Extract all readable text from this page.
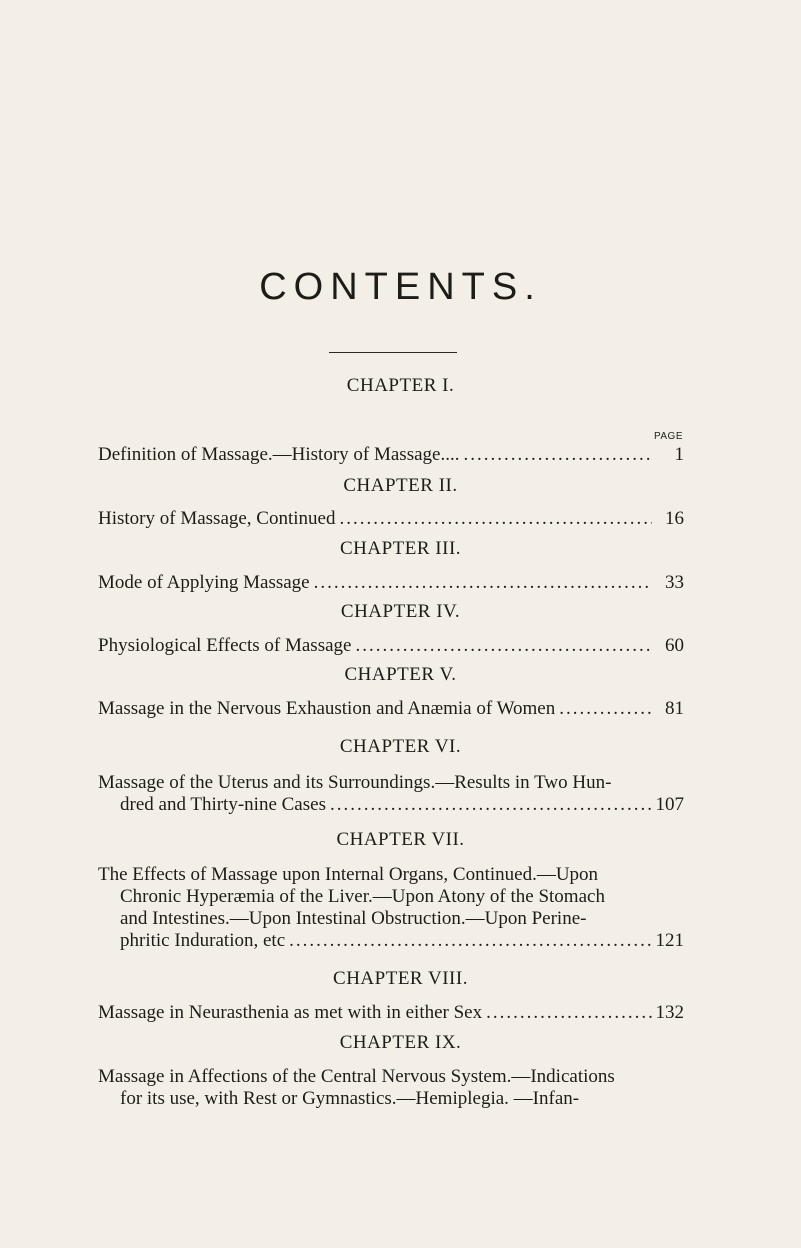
CONTENTS.
CHAPTER I.
PAGE
Definition of Massage.—History of Massage.... .....	1
CHAPTER II.
History of Massage, Continued .....	16
CHAPTER III.
Mode of Applying Massage .....	33
CHAPTER IV.
Physiological Effects of Massage .....	60
CHAPTER V.
Massage in the Nervous Exhaustion and Anæmia of Women .....	81
CHAPTER VI.
Massage of the Uterus and its Surroundings.—Results in Two Hun-
dred and Thirty-nine Cases .....	107
CHAPTER VII.
The Effects of Massage upon Internal Organs, Continued.—Upon
Chronic Hyperæmia of the Liver.—Upon Atony of the Stomach
and Intestines.—Upon Intestinal Obstruction.—Upon Perine-
phritic Induration, etc .....	121
CHAPTER VIII.
Massage in Neurasthenia as met with in either Sex .....	132
CHAPTER IX.
Massage in Affections of the Central Nervous System.—Indications
for its use, with Rest or Gymnastics.—Hemiplegia. —Infan-
